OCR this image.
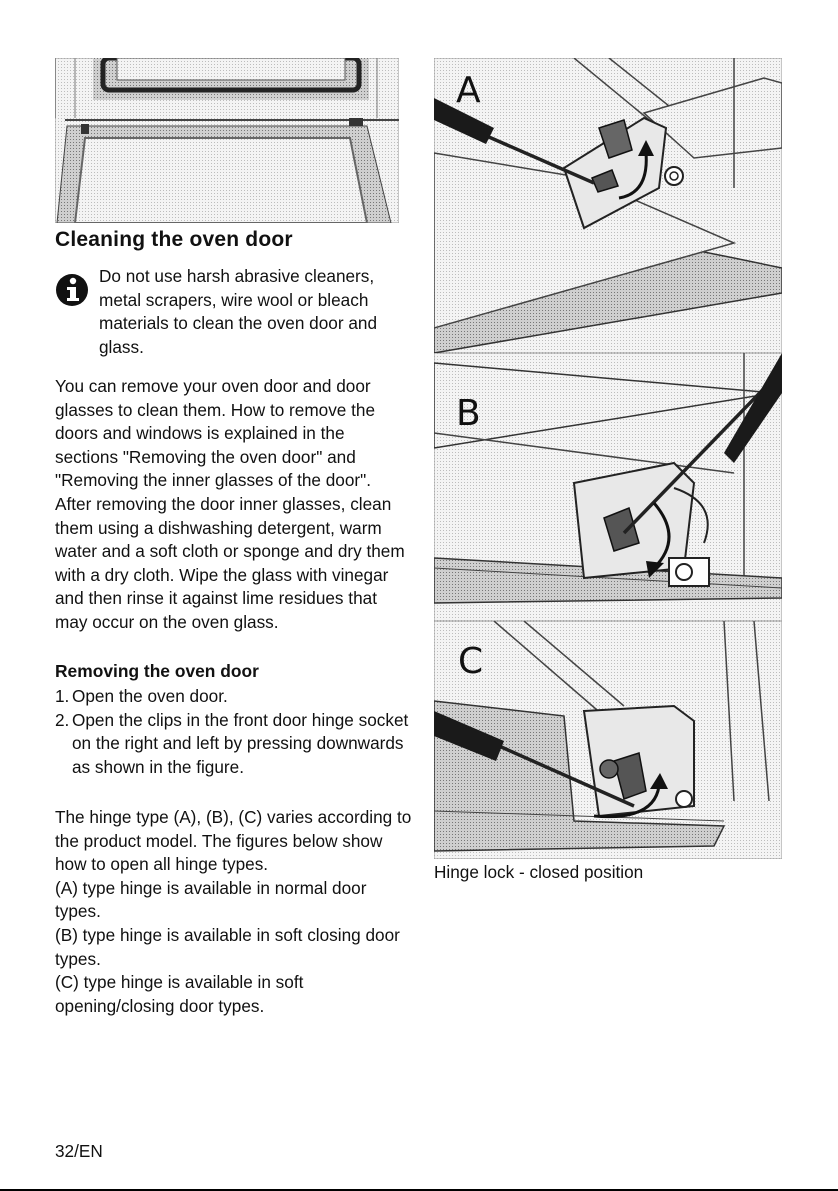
Cleaning the oven door
Do not use harsh abrasive cleaners, metal scrapers, wire wool or bleach materials to clean the oven door and glass.

You can remove your oven door and door glasses to clean them. How to remove the doors and windows is explained in the sections "Removing the oven door" and "Removing the inner glasses of the door". After removing the door inner glasses, clean them using a dishwashing detergent, warm water and a soft cloth or sponge and dry them with a dry cloth. Wipe the glass with vinegar and then rinse it against lime residues that may occur on the oven glass.

Removing the oven door
1. Open the oven door.
2. Open the clips in the front door hinge socket on the right and left by pressing downwards as shown in the figure.

The hinge type (A), (B), (C) varies according to the product model. The figures below show how to open all hinge types.

(A) type hinge is available in normal door types.

(B) type hinge is available in soft closing door types.

(C) type hinge is available in soft opening/closing door types.

A
B
C
Hinge lock - closed position
32/EN
